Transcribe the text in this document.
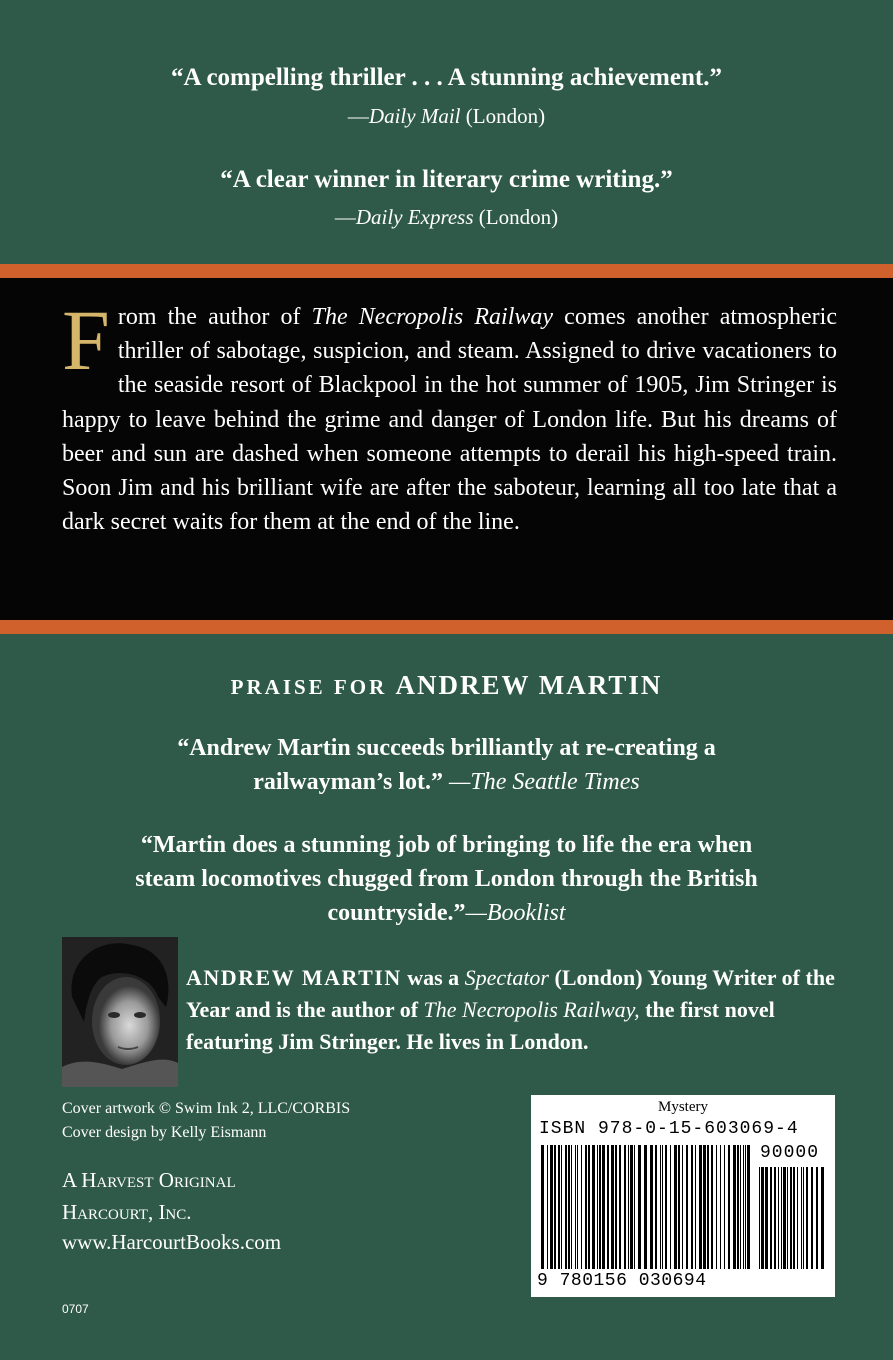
“A compelling thriller . . . A stunning achievement.”
—Daily Mail (London)
“A clear winner in literary crime writing.”
—Daily Express (London)
From the author of The Necropolis Railway comes another atmospheric thriller of sabotage, suspicion, and steam. Assigned to drive vacationers to the seaside resort of Blackpool in the hot summer of 1905, Jim Stringer is happy to leave behind the grime and danger of London life. But his dreams of beer and sun are dashed when someone attempts to derail his high-speed train. Soon Jim and his brilliant wife are after the saboteur, learning all too late that a dark secret waits for them at the end of the line.
PRAISE FOR ANDREW MARTIN
“Andrew Martin succeeds brilliantly at re-creating a
railwayman’s lot.” —The Seattle Times
“Martin does a stunning job of bringing to life the era when
steam locomotives chugged from London through the British
countryside.”—Booklist
ANDREW MARTIN was a Spectator (London) Young Writer of the Year and is the author of The Necropolis Railway, the first novel featuring Jim Stringer. He lives in London.
Cover artwork © Swim Ink 2, LLC/CORBIS
Cover design by Kelly Eismann
A Harvest Original
Harcourt, Inc.
www.HarcourtBooks.com
0707
Mystery
ISBN 978-0-15-603069-4
90000
9 780156 030694
